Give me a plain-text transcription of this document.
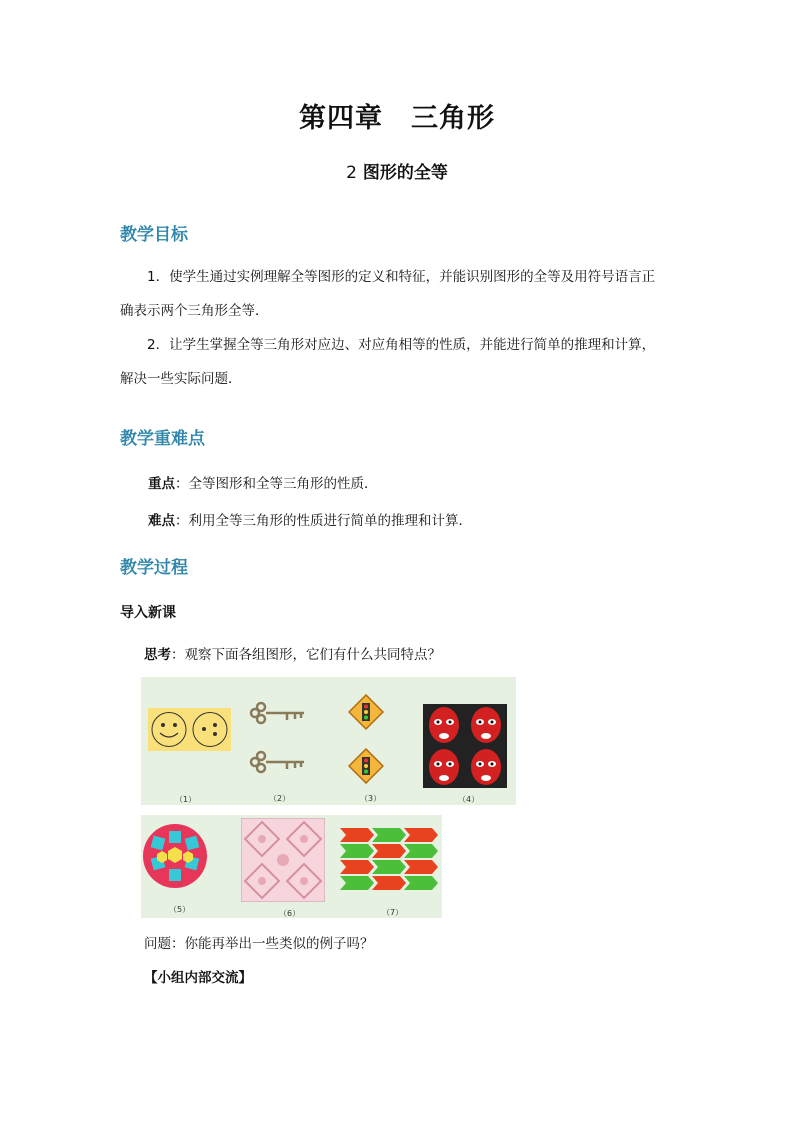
第四章　三角形
2 图形的全等
教学目标
1．使学生通过实例理解全等图形的定义和特征，并能识别图形的全等及用符号语言正
确表示两个三角形全等．
2．让学生掌握全等三角形对应边、对应角相等的性质，并能进行简单的推理和计算，
解决一些实际问题．
教学重难点
重点：全等图形和全等三角形的性质．
难点：利用全等三角形的性质进行简单的推理和计算．
教学过程
导入新课
思考：观察下面各组图形，它们有什么共同特点？
（1）	（2）	（3）	（4）
（5）	（6）	（7）
问题：你能再举出一些类似的例子吗？
【小组内部交流】
